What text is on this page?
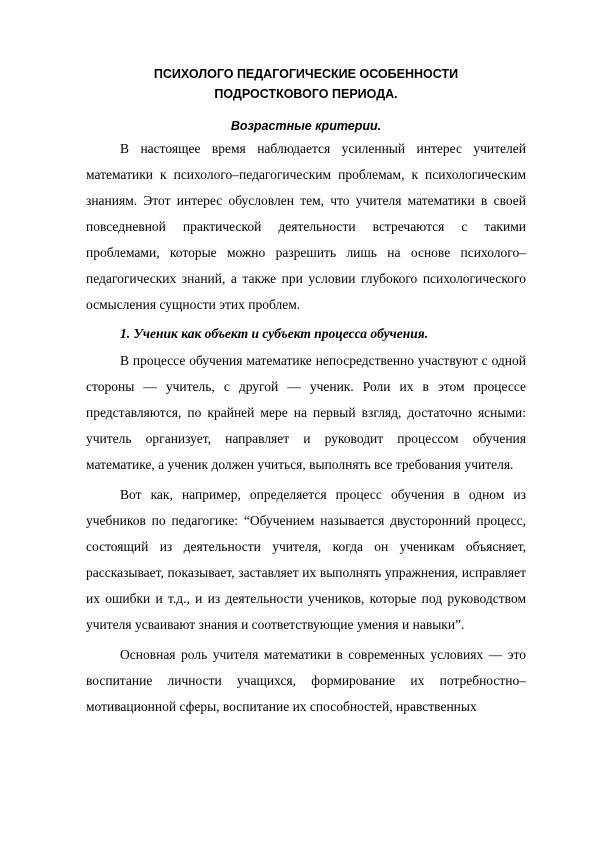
ПСИХОЛОГО ПЕДАГОГИЧЕСКИЕ ОСОБЕННОСТИ
ПОДРОСТКОВОГО ПЕРИОДА.
Возрастные критерии.

В настоящее время наблюдается усиленный интерес учителей математики к психолого–педагогическим проблемам, к психологическим знаниям. Этот интерес обусловлен тем, что учителя математики в своей повседневной практической деятельности встречаются с такими проблемами, которые можно разрешить лишь на основе психолого–педагогических знаний, а также при условии глубокого психологического осмысления сущности этих проблем.

1. Ученик как объект и субъект процесса обучения.

В процессе обучения математике непосредственно участвуют с одной стороны — учитель, с другой — ученик. Роли их в этом процессе представляются, по крайней мере на первый взгляд, достаточно ясными: учитель организует, направляет и руководит процессом обучения математике, а ученик должен учиться, выполнять все требования учителя.

Вот как, например, определяется процесс обучения в одном из учебников по педагогике: “Обучением называется двусторонний процесс, состоящий из деятельности учителя, когда он ученикам объясняет, рассказывает, показывает, заставляет их выполнять упражнения, исправляет их ошибки и т.д., и из деятельности учеников, которые под руководством учителя усваивают знания и соответствующие умения и навыки”.

Основная роль учителя математики в современных условиях — это воспитание личности учащихся, формирование их потребностно–мотивационной сферы, воспитание их способностей, нравственных
